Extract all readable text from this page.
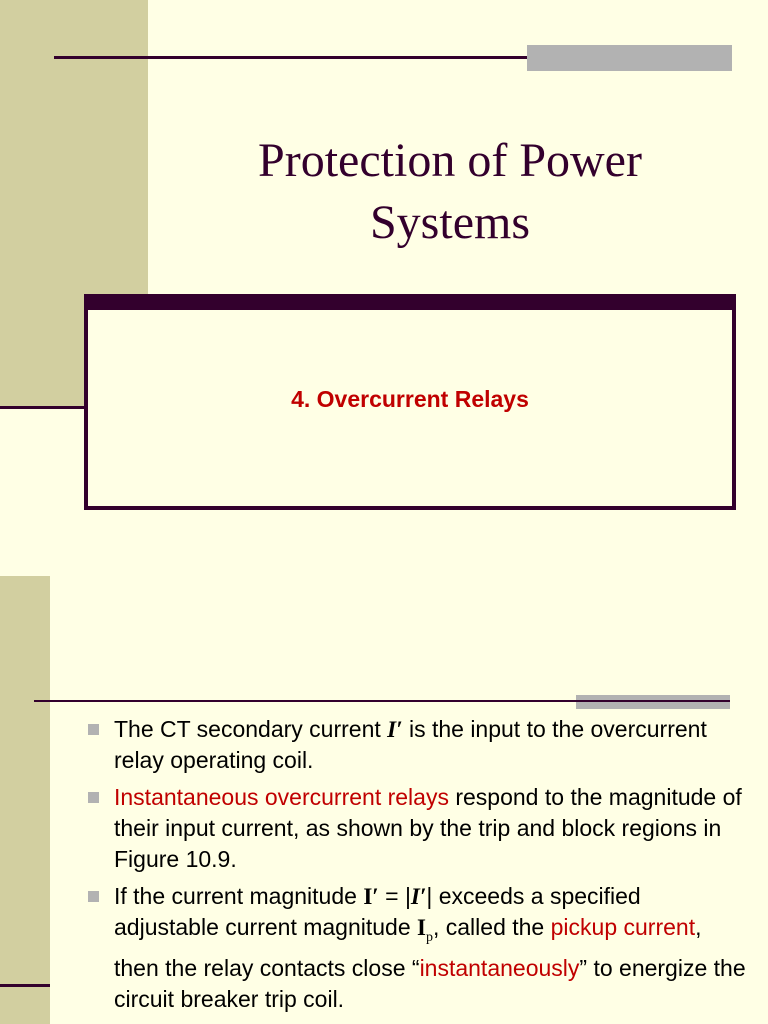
Protection of Power
Systems
4. Overcurrent Relays
The CT secondary current I′ is the input to the overcurrent relay operating coil.
Instantaneous overcurrent relays respond to the magnitude of their input current, as shown by the trip and block regions in Figure 10.9.
If the current magnitude I′ = |I′| exceeds a specified adjustable current magnitude $I_p$, called the pickup current, then the relay contacts close “instantaneously” to energize the circuit breaker trip coil.
